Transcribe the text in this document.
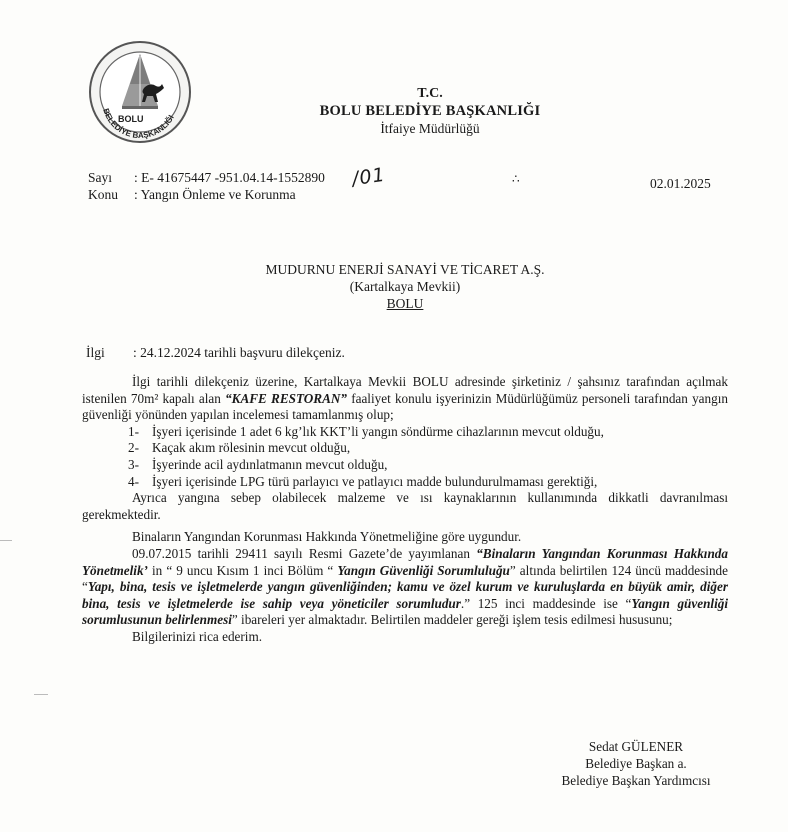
BOLU
BELEDİYE BAŞKANLIĞI
T.C.
BOLU BELEDİYE BAŞKANLIĞI
İtfaiye Müdürlüğü
Sayı : E- 41675447 -951.04.14-1552890 /01	∴	02.01.2025
Konu : Yangın Önleme ve Korunma
MUDURNU ENERJİ SANAYİ VE TİCARET A.Ş.
(Kartalkaya Mevkii)
BOLU
İlgi : 24.12.2024 tarihli başvuru dilekçeniz.

İlgi tarihli dilekçeniz üzerine, Kartalkaya Mevkii BOLU adresinde şirketiniz / şahsınız tarafından açılmak istenilen 70m² kapalı alan “KAFE RESTORAN” faaliyet konulu işyerinizin Müdürlüğümüz personeli tarafından yangın güvenliği yönünden yapılan incelemesi tamamlanmış olup;

1- İşyeri içerisinde 1 adet 6 kg’lık KKT’li yangın söndürme cihazlarının mevcut olduğu,
2- Kaçak akım rölesinin mevcut olduğu,
3- İşyerinde acil aydınlatmanın mevcut olduğu,
4- İşyeri içerisinde LPG türü parlayıcı ve patlayıcı madde bulundurulmaması gerektiği,

Ayrıca yangına sebep olabilecek malzeme ve ısı kaynaklarının kullanımında dikkatli davranılması gerekmektedir.

Binaların Yangından Korunması Hakkında Yönetmeliğine göre uygundur.

09.07.2015 tarihli 29411 sayılı Resmi Gazete’de yayımlanan “Binaların Yangından Korunması Hakkında Yönetmelik’ in “ 9 uncu Kısım 1 inci Bölüm “ Yangın Güvenliği Sorumluluğu” altında belirtilen 124 üncü maddesinde “Yapı, bina, tesis ve işletmelerde yangın güvenliğinden; kamu ve özel kurum ve kuruluşlarda en büyük amir, diğer bina, tesis ve işletmelerde ise sahip veya yöneticiler sorumludur.” 125 inci maddesinde ise “Yangın güvenliği sorumlusunun belirlenmesi” ibareleri yer almaktadır. Belirtilen maddeler gereği işlem tesis edilmesi hususunu;

Bilgilerinizi rica ederim.

Sedat GÜLENER
Belediye Başkan a.
Belediye Başkan Yardımcısı
